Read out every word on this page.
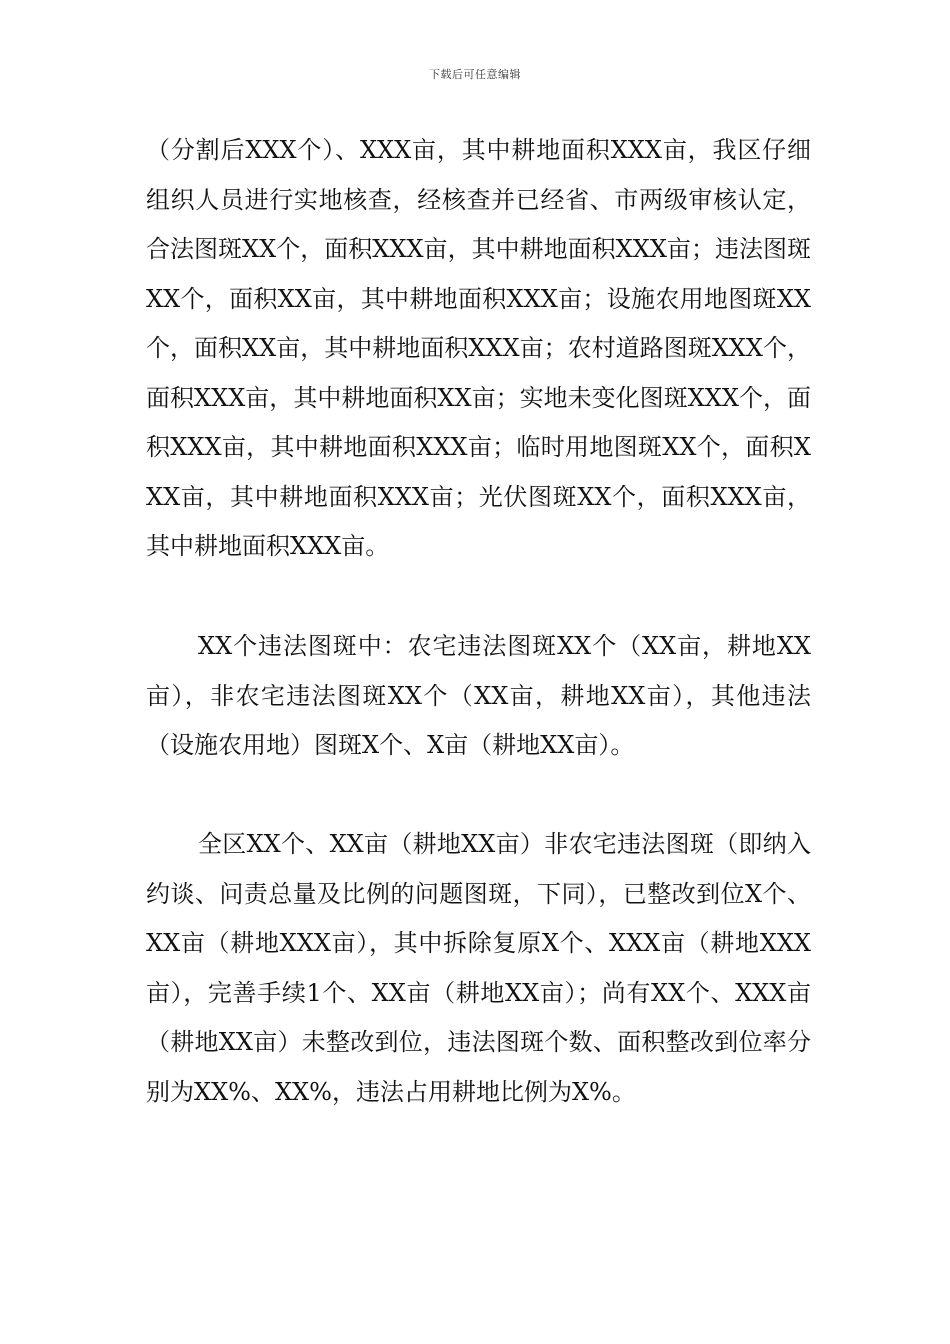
下载后可任意编辑
（分割后XXX个）、XXX亩，其中耕地面积XXX亩，我区仔细组织人员进行实地核查，经核查并已经省、市两级审核认定，合法图斑XX个，面积XXX亩，其中耕地面积XXX亩；违法图斑XX个，面积XX亩，其中耕地面积XXX亩；设施农用地图斑XX个，面积XX亩，其中耕地面积XXX亩；农村道路图斑XXX个，面积XXX亩，其中耕地面积XX亩；实地未变化图斑XXX个，面积XXX亩，其中耕地面积XXX亩；临时用地图斑XX个，面积XXX亩，其中耕地面积XXX亩；光伏图斑XX个，面积XXX亩，其中耕地面积XXX亩。
XX个违法图斑中：农宅违法图斑XX个（XX亩，耕地XX亩），非农宅违法图斑XX个（XX亩，耕地XX亩），其他违法（设施农用地）图斑X个、X亩（耕地XX亩）。
全区XX个、XX亩（耕地XX亩）非农宅违法图斑（即纳入约谈、问责总量及比例的问题图斑，下同），已整改到位X个、XX亩（耕地XXX亩），其中拆除复原X个、XXX亩（耕地XXX亩），完善手续1个、XX亩（耕地XX亩）；尚有XX个、XXX亩（耕地XX亩）未整改到位，违法图斑个数、面积整改到位率分别为XX%、XX%，违法占用耕地比例为X%。
